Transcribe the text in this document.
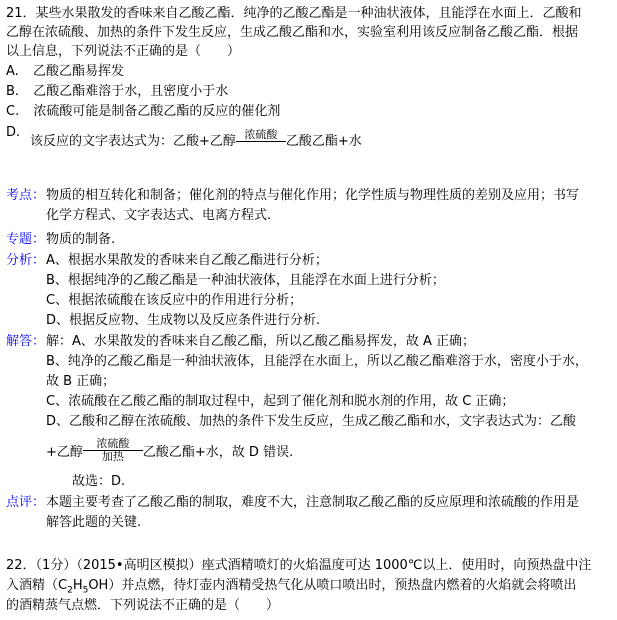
21．某些水果散发的香味来自乙酸乙酯．纯净的乙酸乙酯是一种油状液体，且能浮在水面上．乙酸和
乙醇在浓硫酸、加热的条件下发生反应，生成乙酸乙酯和水，实验室利用该反应制备乙酸乙酯．根据
以上信息，下列说法不正确的是（　　）
A. 乙酸乙酯易挥发
B. 乙酸乙酯难溶于水，且密度小于水
C. 浓硫酸可能是制备乙酸乙酯的反应的催化剂
D.
该反应的文字表达式为：乙酸+乙醇 浓硫酸 乙酸乙酯+水
考点： 物质的相互转化和制备；催化剂的特点与催化作用；化学性质与物理性质的差别及应用；书写
化学方程式、文字表达式、电离方程式.
专题： 物质的制备.
分析： A、根据水果散发的香味来自乙酸乙酯进行分析；
B、根据纯净的乙酸乙酯是一种油状液体，且能浮在水面上进行分析；
C、根据浓硫酸在该反应中的作用进行分析；
D、根据反应物、生成物以及反应条件进行分析.
解答： 解：A、水果散发的香味来自乙酸乙酯，所以乙酸乙酯易挥发，故 A 正确；
B、纯净的乙酸乙酯是一种油状液体，且能浮在水面上，所以乙酸乙酯难溶于水，密度小于水，
故 B 正确；
C、浓硫酸在乙酸乙酯的制取过程中，起到了催化剂和脱水剂的作用，故 C 正确；
D、乙酸和乙醇在浓硫酸、加热的条件下发生反应，生成乙酸乙酯和水，文字表达式为：乙酸
+乙醇
浓硫酸
加热	乙酸乙酯+水，故 D 错误.
故选：D.
点评： 本题主要考查了乙酸乙酯的制取，难度不大，注意制取乙酸乙酯的反应原理和浓硫酸的作用是
解答此题的关键.
22．（1分）（2015•高明区模拟）座式酒精喷灯的火焰温度可达 1000℃以上．使用时，向预热盘中注
入酒精$(C_2H_5OH)$并点燃，待灯壶内酒精受热气化从喷口喷出时，预热盘内燃着的火焰就会将喷出
的酒精蒸气点燃．下列说法不正确的是（　　）
